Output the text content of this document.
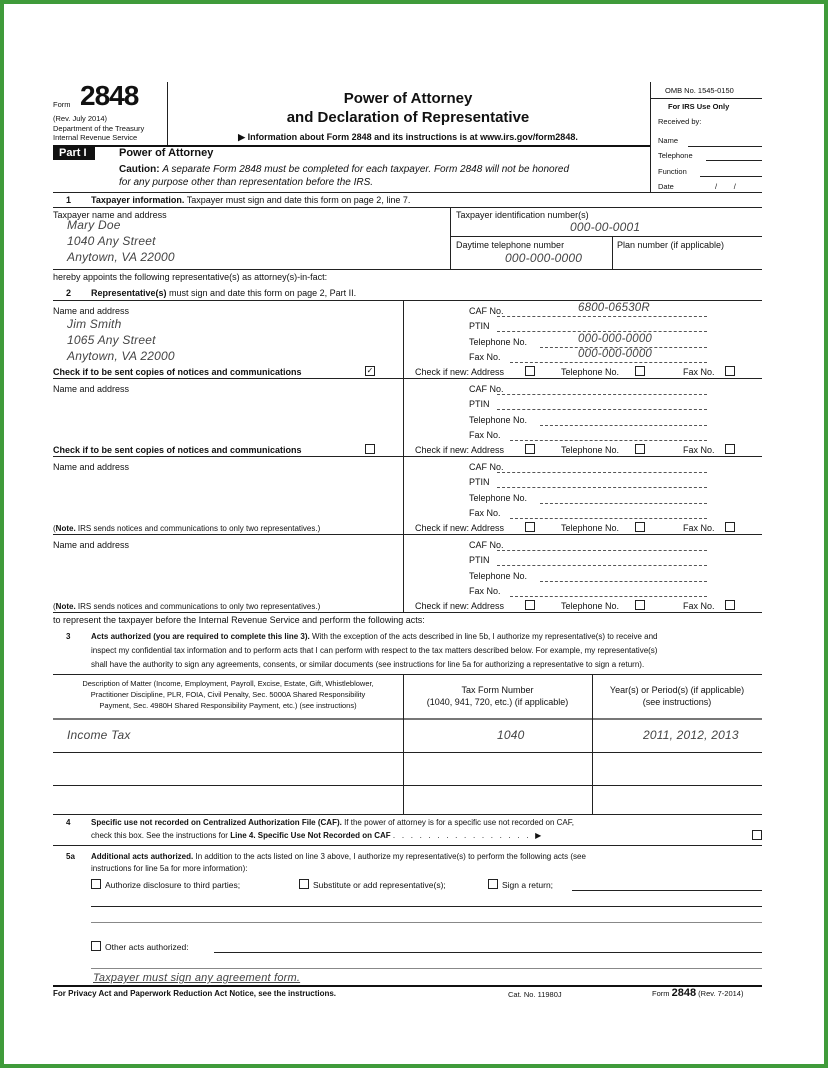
Form 2848
(Rev. July 2014)
Department of the Treasury
Internal Revenue Service
Power of Attorney
and Declaration of Representative
▶ Information about Form 2848 and its instructions is at www.irs.gov/form2848.
OMB No. 1545-0150
For IRS Use Only
Received by:
Name
Telephone
Function
Date	/        /
Part I	Power of Attorney
Caution: A separate Form 2848 must be completed for each taxpayer. Form 2848 will not be honored
for any purpose other than representation before the IRS.
1 Taxpayer information. Taxpayer must sign and date this form on page 2, line 7.
Taxpayer name and address
Mary Doe
1040 Any Street
Anytown, VA 22000
Taxpayer identification number(s)
000-00-0001
Daytime telephone number
000-000-0000
Plan number (if applicable)
hereby appoints the following representative(s) as attorney(s)-in-fact:
2 Representative(s) must sign and date this form on page 2, Part II.
Name and address
Jim Smith
1065 Any Street
Anytown, VA 22000
CAF No.	6800-06530R
PTIN
Telephone No.	000-000-0000
Fax No.	000-000-0000
Check if to be sent copies of notices and communications	✓	Check if new: Address	Telephone No.	Fax No.
Name and address	CAF No.
PTIN
Telephone No.
Fax No.
Check if to be sent copies of notices and communications	Check if new: Address	Telephone No.	Fax No.
Name and address	CAF No.
PTIN
Telephone No.
Fax No.
(Note. IRS sends notices and communications to only two representatives.)	Check if new: Address	Telephone No.	Fax No.
Name and address	CAF No.
PTIN
Telephone No.
Fax No.
(Note. IRS sends notices and communications to only two representatives.)	Check if new: Address	Telephone No.	Fax No.
to represent the taxpayer before the Internal Revenue Service and perform the following acts:
3	Acts authorized (you are required to complete this line 3). With the exception of the acts described in line 5b, I authorize my representative(s) to receive and
inspect my confidential tax information and to perform acts that I can perform with respect to the tax matters described below. For example, my representative(s)
shall have the authority to sign any agreements, consents, or similar documents (see instructions for line 5a for authorizing a representative to sign a return).
Description of Matter (Income, Employment, Payroll, Excise, Estate, Gift, Whistleblower,
Practitioner Discipline, PLR, FOIA, Civil Penalty, Sec. 5000A Shared Responsibility
Payment, Sec. 4980H Shared Responsibility Payment, etc.) (see instructions)
Tax Form Number
(1040, 941, 720, etc.) (if applicable)
Year(s) or Period(s) (if applicable)
(see instructions)
Income Tax	1040	2011, 2012, 2013
4	Specific use not recorded on Centralized Authorization File (CAF). If the power of attorney is for a specific use not recorded on CAF,
check this box. See the instructions for Line 4. Specific Use Not Recorded on CAF .   .   .   .   .   .   .   .   .   .   .   .   .   .   .   .   ▶
5a Additional acts authorized. In addition to the acts listed on line 3 above, I authorize my representative(s) to perform the following acts (see
instructions for line 5a for more information):
Authorize disclosure to third parties;	Substitute or add representative(s);	Sign a return;
Other acts authorized:
Taxpayer must sign any agreement form.
For Privacy Act and Paperwork Reduction Act Notice, see the instructions.	Cat. No. 11980J	Form 2848 (Rev. 7-2014)
